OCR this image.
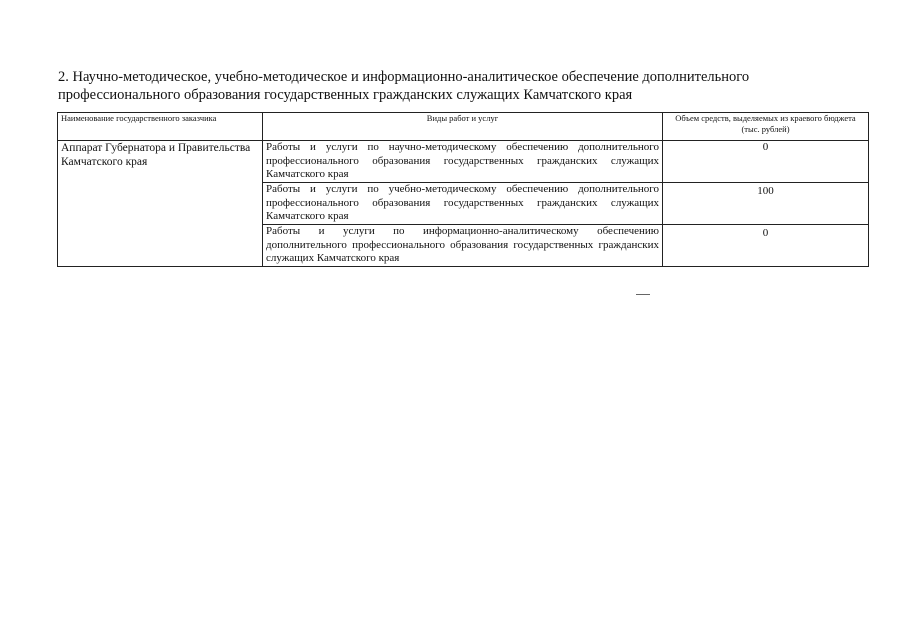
2. Научно-методическое, учебно-методическое и информационно-аналитическое обеспечение дополнительного профессионального образования государственных гражданских служащих Камчатского края

Наименование государственного заказчика	Виды работ и услуг	Объем средств, выделяемых из краевого бюджета (тыс. рублей)
Аппарат Губернатора и Правительства Камчатского края	Работы и услуги по научно-методическому обеспечению дополнительного профессионального образования государственных гражданских служащих Камчатского края	0
	Работы и услуги по учебно-методическому обеспечению дополнительного профессионального образования государственных гражданских служащих Камчатского края	100
	Работы и услуги по информационно-аналитическому обеспечению дополнительного профессионального образования государственных гражданских служащих Камчатского края	0
